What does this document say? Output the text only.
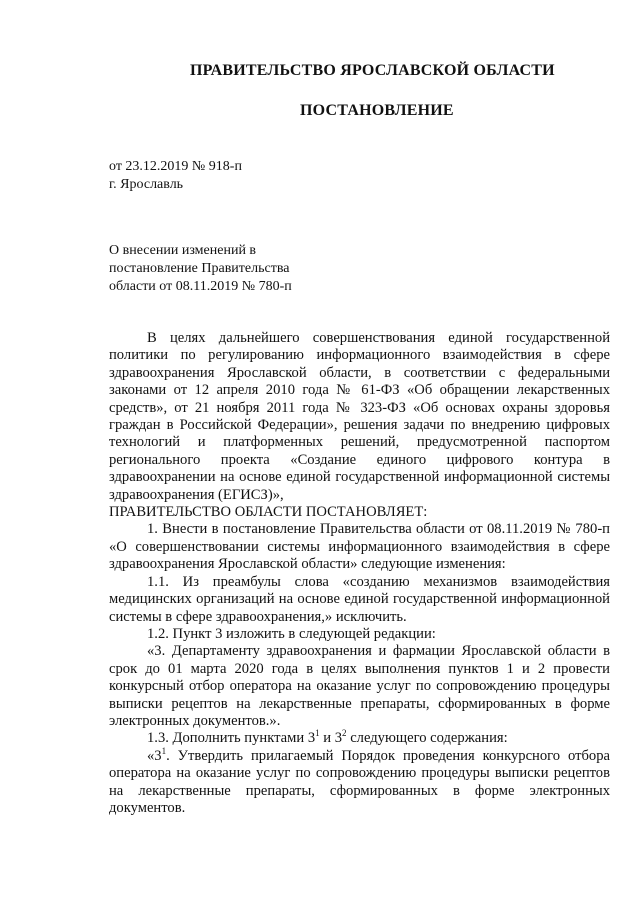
ПРАВИТЕЛЬСТВО ЯРОСЛАВСКОЙ ОБЛАСТИ
ПОСТАНОВЛЕНИЕ
от 23.12.2019 № 918-п
г. Ярославль
О внесении изменений в
постановление Правительства
области от 08.11.2019 № 780-п

В целях дальнейшего совершенствования единой государственной политики по регулированию информационного взаимодействия в сфере здравоохранения Ярославской области, в соответствии с федеральными законами от 12 апреля 2010 года № 61-ФЗ «Об обращении лекарственных средств», от 21 ноября 2011 года № 323-ФЗ «Об основах охраны здоровья граждан в Российской Федерации», решения задачи по внедрению цифровых технологий и платформенных решений, предусмотренной паспортом регионального проекта «Создание единого цифрового контура в здравоохранении на основе единой государственной информационной системы здравоохранения (ЕГИСЗ)»,

ПРАВИТЕЛЬСТВО ОБЛАСТИ ПОСТАНОВЛЯЕТ:

1. Внести в постановление Правительства области от 08.11.2019 № 780-п «О совершенствовании системы информационного взаимодействия в сфере здравоохранения Ярославской области» следующие изменения:

1.1. Из преамбулы слова «созданию механизмов взаимодействия медицинских организаций на основе единой государственной информационной системы в сфере здравоохранения,» исключить.

1.2. Пункт 3 изложить в следующей редакции:

«3. Департаменту здравоохранения и фармации Ярославской области в срок до 01 марта 2020 года в целях выполнения пунктов 1 и 2 провести конкурсный отбор оператора на оказание услуг по сопровождению процедуры выписки рецептов на лекарственные препараты, сформированных в форме электронных документов.».

1.3. Дополнить пунктами $3^1$ и $3^2$ следующего содержания:

«$3^1$. Утвердить прилагаемый Порядок проведения конкурсного отбора оператора на оказание услуг по сопровождению процедуры выписки рецептов на лекарственные препараты, сформированных в форме электронных документов.
